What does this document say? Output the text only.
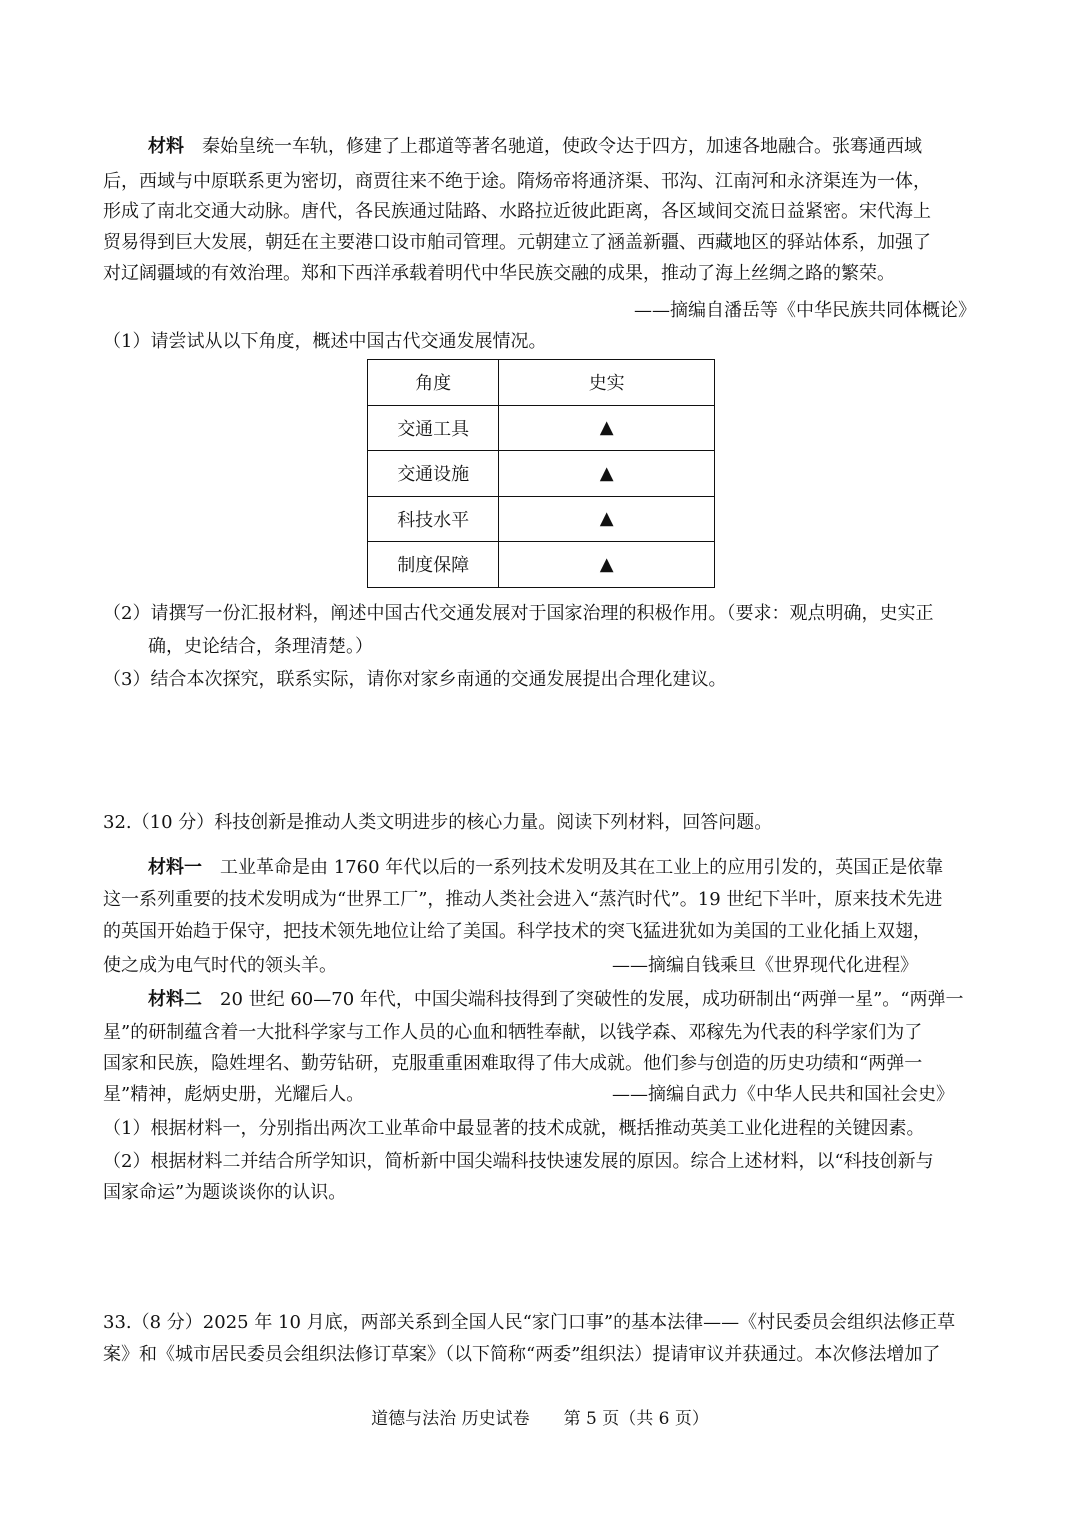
材料　 秦始皇统一车轨，修建了上郡道等著名驰道，使政令达于四方，加速各地融合。张骞通西域
后，西域与中原联系更为密切，商贾往来不绝于途。隋炀帝将通济渠、邗沟、江南河和永济渠连为一体，
形成了南北交通大动脉。唐代，各民族通过陆路、水路拉近彼此距离，各区域间交流日益紧密。宋代海上
贸易得到巨大发展，朝廷在主要港口设市舶司管理。元朝建立了涵盖新疆、西藏地区的驿站体系，加强了
对辽阔疆域的有效治理。郑和下西洋承载着明代中华民族交融的成果，推动了海上丝绸之路的繁荣。
——摘编自潘岳等《中华民族共同体概论》
（1）请尝试从以下角度，概述中国古代交通发展情况。
角度	史实
交通工具	▲
交通设施	▲
科技水平	▲
制度保障	▲
（2）请撰写一份汇报材料，阐述中国古代交通发展对于国家治理的积极作用。（要求：观点明确，史实正
确，史论结合，条理清楚。）
（3）结合本次探究，联系实际，请你对家乡南通的交通发展提出合理化建议。
32.（10 分）科技创新是推动人类文明进步的核心力量。阅读下列材料，回答问题。
材料一　 工业革命是由 1760 年代以后的一系列技术发明及其在工业上的应用引发的，英国正是依靠
这一系列重要的技术发明成为“世界工厂”，推动人类社会进入“蒸汽时代”。19 世纪下半叶，原来技术先进
的英国开始趋于保守，把技术领先地位让给了美国。科学技术的突飞猛进犹如为美国的工业化插上双翅，
使之成为电气时代的领头羊。	——摘编自钱乘旦《世界现代化进程》
材料二　 20 世纪 60—70 年代，中国尖端科技得到了突破性的发展，成功研制出“两弹一星”。“两弹一
星”的研制蕴含着一大批科学家与工作人员的心血和牺牲奉献，以钱学森、邓稼先为代表的科学家们为了
国家和民族，隐姓埋名、勤劳钻研，克服重重困难取得了伟大成就。他们参与创造的历史功绩和“两弹一
星”精神，彪炳史册，光耀后人。	——摘编自武力《中华人民共和国社会史》
（1）根据材料一，分别指出两次工业革命中最显著的技术成就，概括推动英美工业化进程的关键因素。
（2）根据材料二并结合所学知识，简析新中国尖端科技快速发展的原因。综合上述材料，以“科技创新与
国家命运”为题谈谈你的认识。
33.（8 分）2025 年 10 月底，两部关系到全国人民“家门口事”的基本法律——《村民委员会组织法修正草
案》和《城市居民委员会组织法修订草案》（以下简称“两委”组织法）提请审议并获通过。本次修法增加了
道德与法治 历史试卷　　第 5 页（共 6 页）
